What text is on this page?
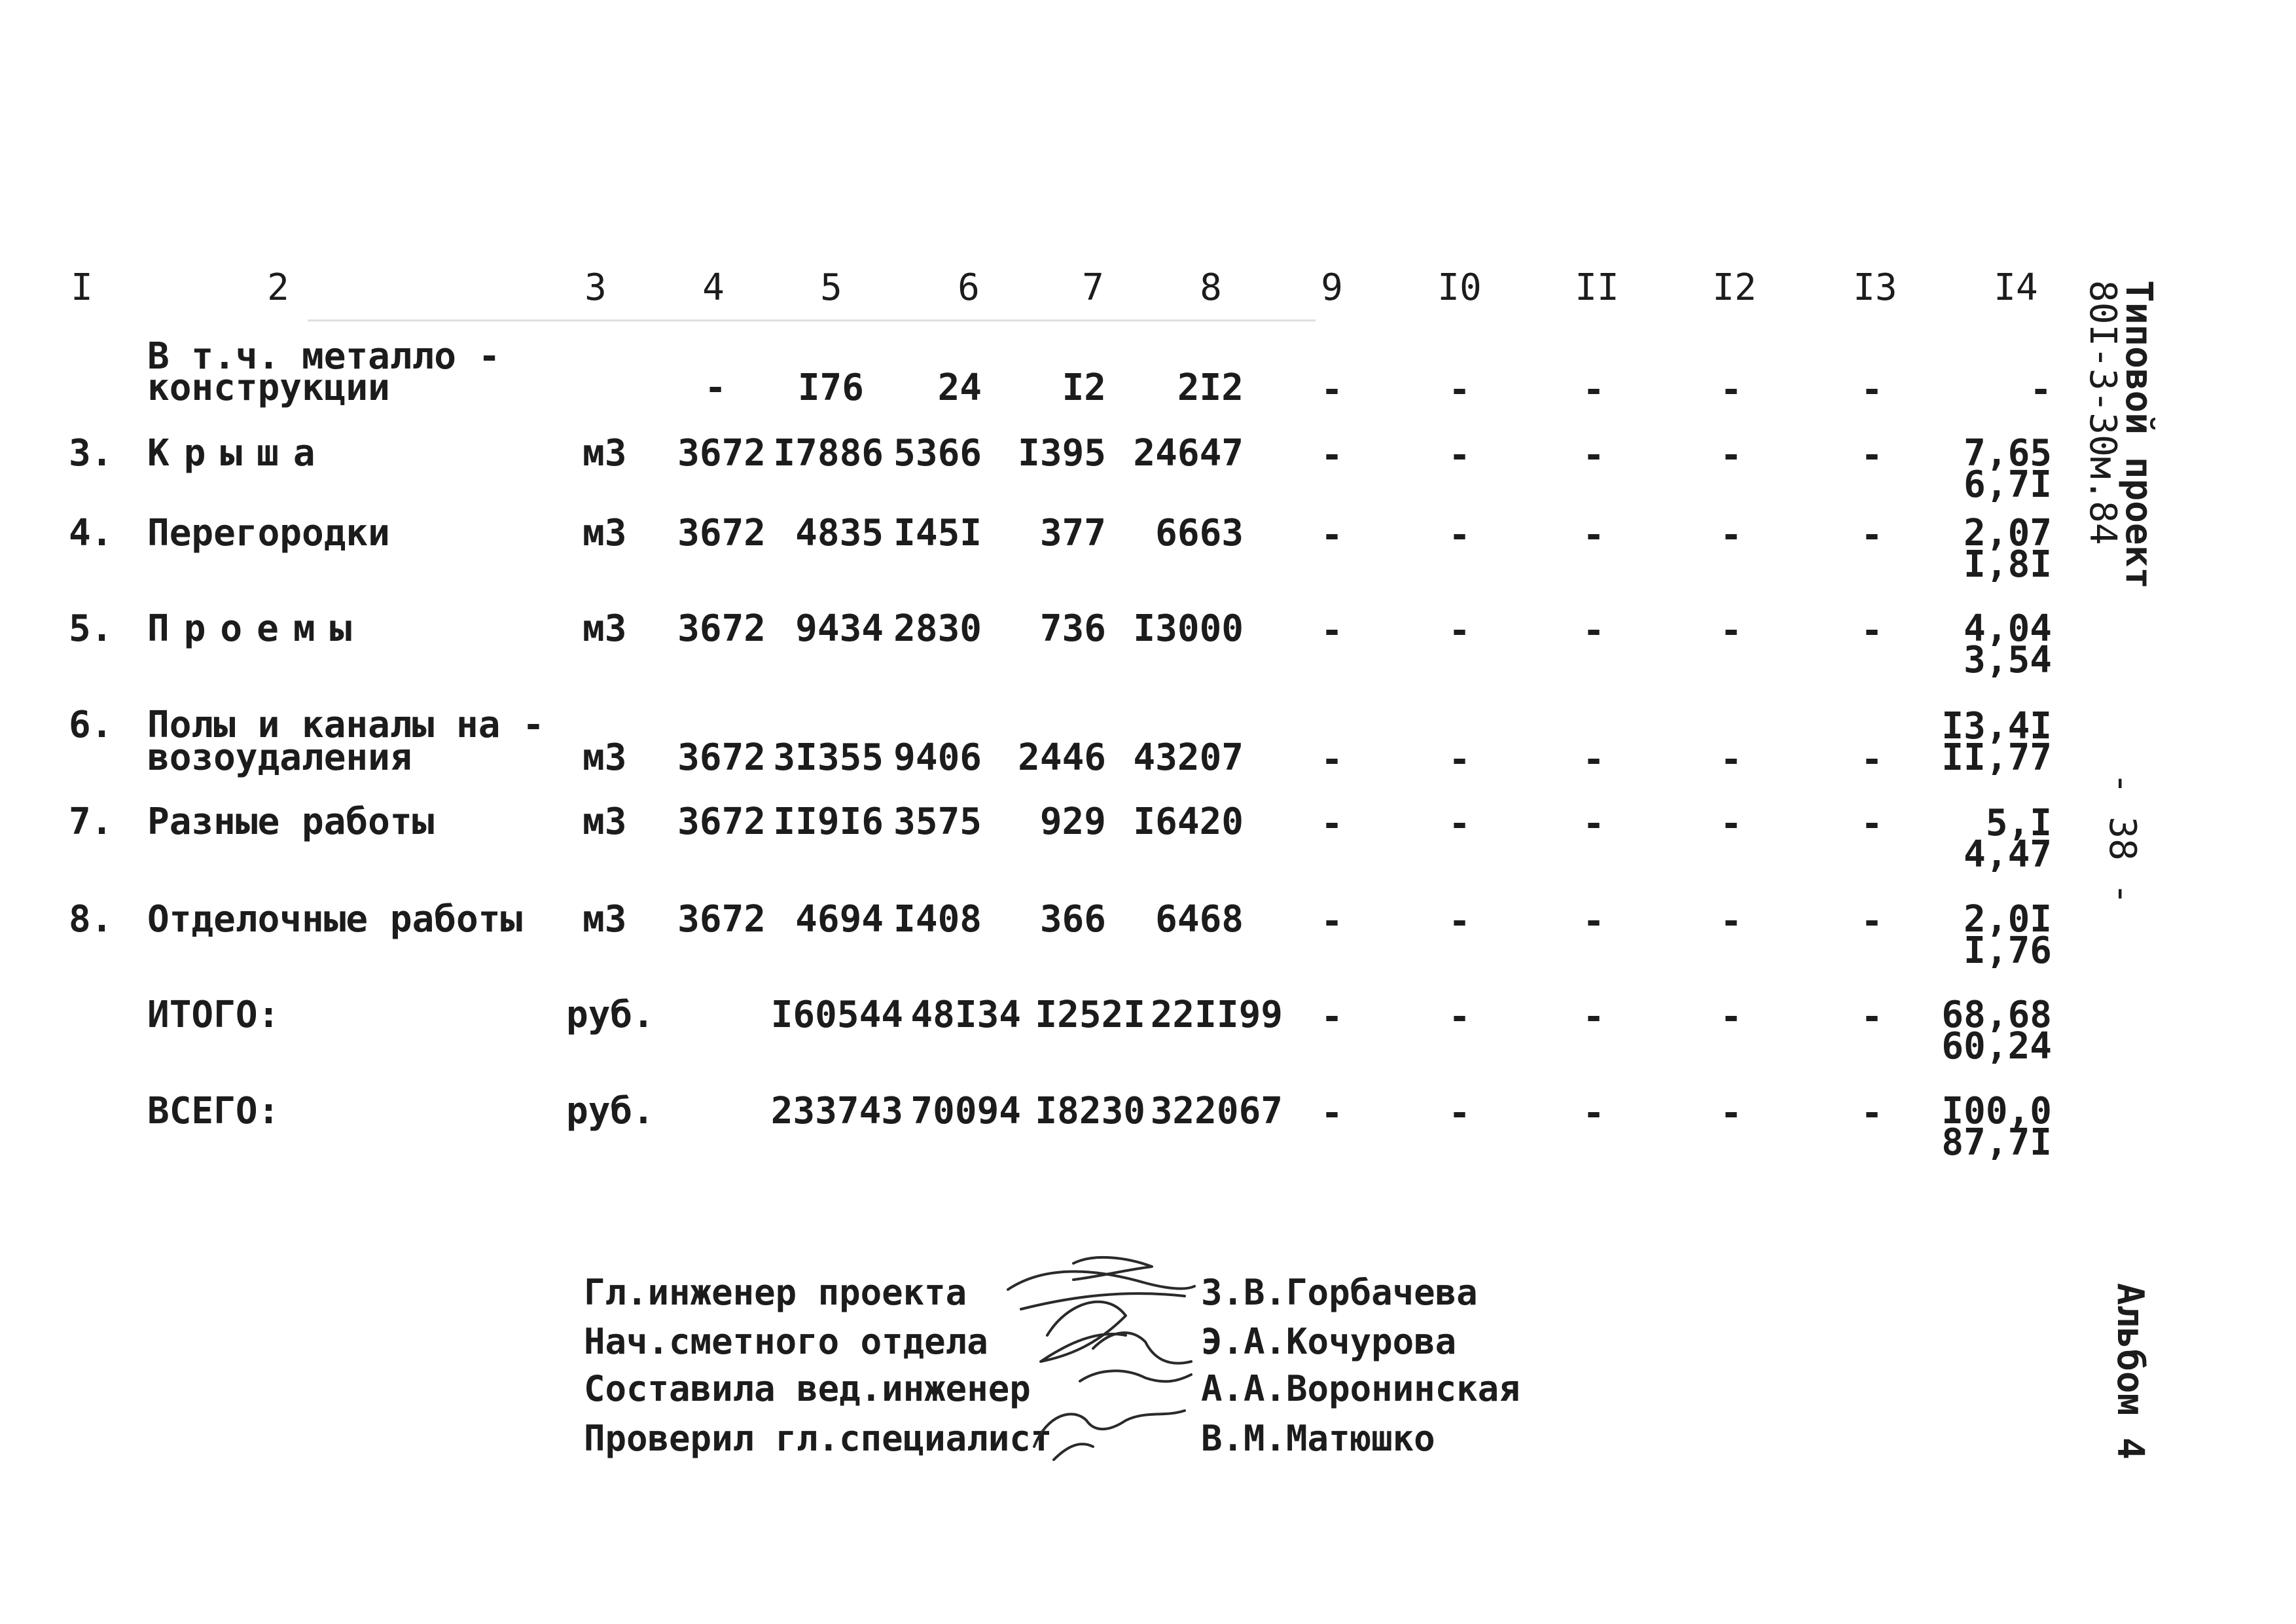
I	2	3	4	5	6	7	8	9	I0	II	I2	I3	I4
В т.ч. металло -
конструкции	-	I76	24	I2	2I2 -	-	-	-	-	-
3. Крыша	м3	3672 I7886 5366 I395 24647 -	-	-	-	-	7,65
6,7I
4. Перегородки	м3	3672 4835 I45I	377	6663 -	-	-	-	-	2,07
I,8I
5. Проемы	м3	3672 9434 2830	736 I3000 -	-	-	-	-	4,04
3,54
6. Полы и каналы на -
возоудаления	м3	3672 3I355 9406 2446 43207 -	-	-	-	-
I3,4I
II,77
7. Разные работы	м3	3672 II9I6 3575	929 I6420 -	-	-	-	-	5,I
4,47
8. Отделочные работы м3	3672 4694 I408	366	6468 -	-	-	-	-	2,0I
I,76
ИТОГО:	руб.	I60544 48I34 I252I 22II99 -	-	-	-	- 68,68
60,24
ВСЕГО:	руб.	233743 70094 I8230 322067 -	-	-	-	- I00,0
87,7I
Типовой проект
80I-3-30м.84
- 38 -
Альбом 4
Гл.инженер проекта	З.В.Горбачева
Нач.сметного отдела	Э.А.Кочурова
Составила вед.инженер	А.А.Воронинская
Проверил гл.специалист	В.М.Матюшко
